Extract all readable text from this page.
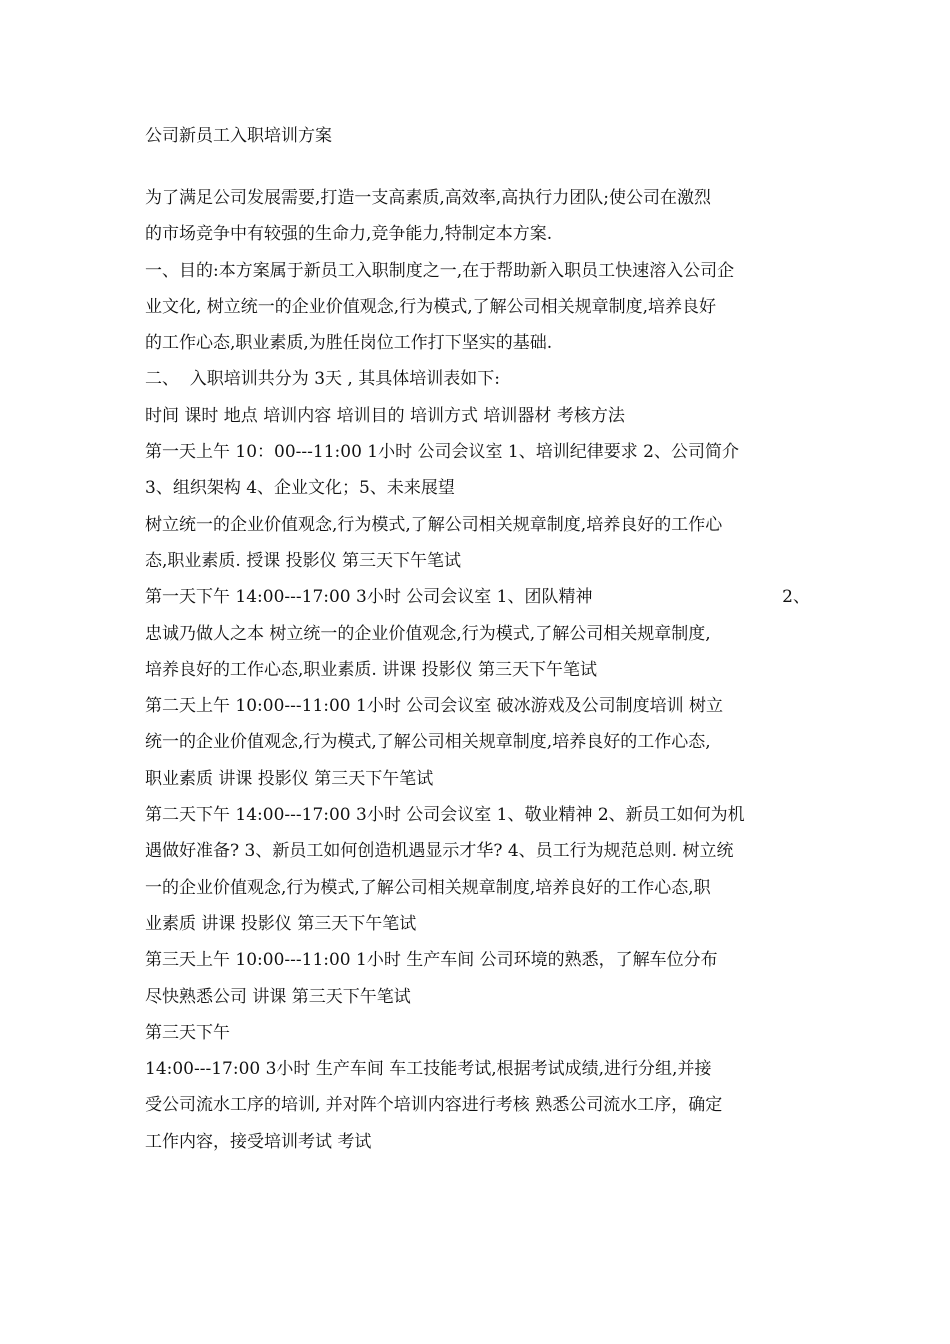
公司新员工入职培训方案
为了满足公司发展需要,打造一支高素质,高效率,高执行力团队;使公司在激烈
的市场竞争中有较强的生命力,竞争能力,特制定本方案.
一、目的:本方案属于新员工入职制度之一,在于帮助新入职员工快速溶入公司企
业文化, 树立统一的企业价值观念,行为模式,了解公司相关规章制度,培养良好
的工作心态,职业素质,为胜任岗位工作打下坚实的基础.
二、  入职培训共分为 3天 , 其具体培训表如下:
时间 课时 地点 培训内容 培训目的 培训方式 培训器材 考核方法
第一天上午 10：00---11:00 1小时 公司会议室 1、培训纪律要求 2、公司简介
3、组织架构 4、企业文化；5、未来展望
树立统一的企业价值观念,行为模式,了解公司相关规章制度,培养良好的工作心
态,职业素质. 授课 投影仪 第三天下午笔试
第一天下午 14:00---17:00 3小时 公司会议室 1、团队精神	2、
忠诚乃做人之本 树立统一的企业价值观念,行为模式,了解公司相关规章制度,
培养良好的工作心态,职业素质. 讲课 投影仪 第三天下午笔试
第二天上午 10:00---11:00 1小时 公司会议室 破冰游戏及公司制度培训 树立
统一的企业价值观念,行为模式,了解公司相关规章制度,培养良好的工作心态,
职业素质 讲课 投影仪 第三天下午笔试
第二天下午 14:00---17:00 3小时 公司会议室 1、敬业精神 2、新员工如何为机
遇做好准备? 3、新员工如何创造机遇显示才华? 4、员工行为规范总则. 树立统
一的企业价值观念,行为模式,了解公司相关规章制度,培养良好的工作心态,职
业素质 讲课 投影仪 第三天下午笔试
第三天上午 10:00---11:00 1小时 生产车间 公司环境的熟悉，了解车位分布
尽快熟悉公司 讲课 第三天下午笔试
第三天下午
14:00---17:00 3小时 生产车间 车工技能考试,根据考试成绩,进行分组,并接
受公司流水工序的培训, 并对阵个培训内容进行考核 熟悉公司流水工序，确定
工作内容，接受培训考试 考试
